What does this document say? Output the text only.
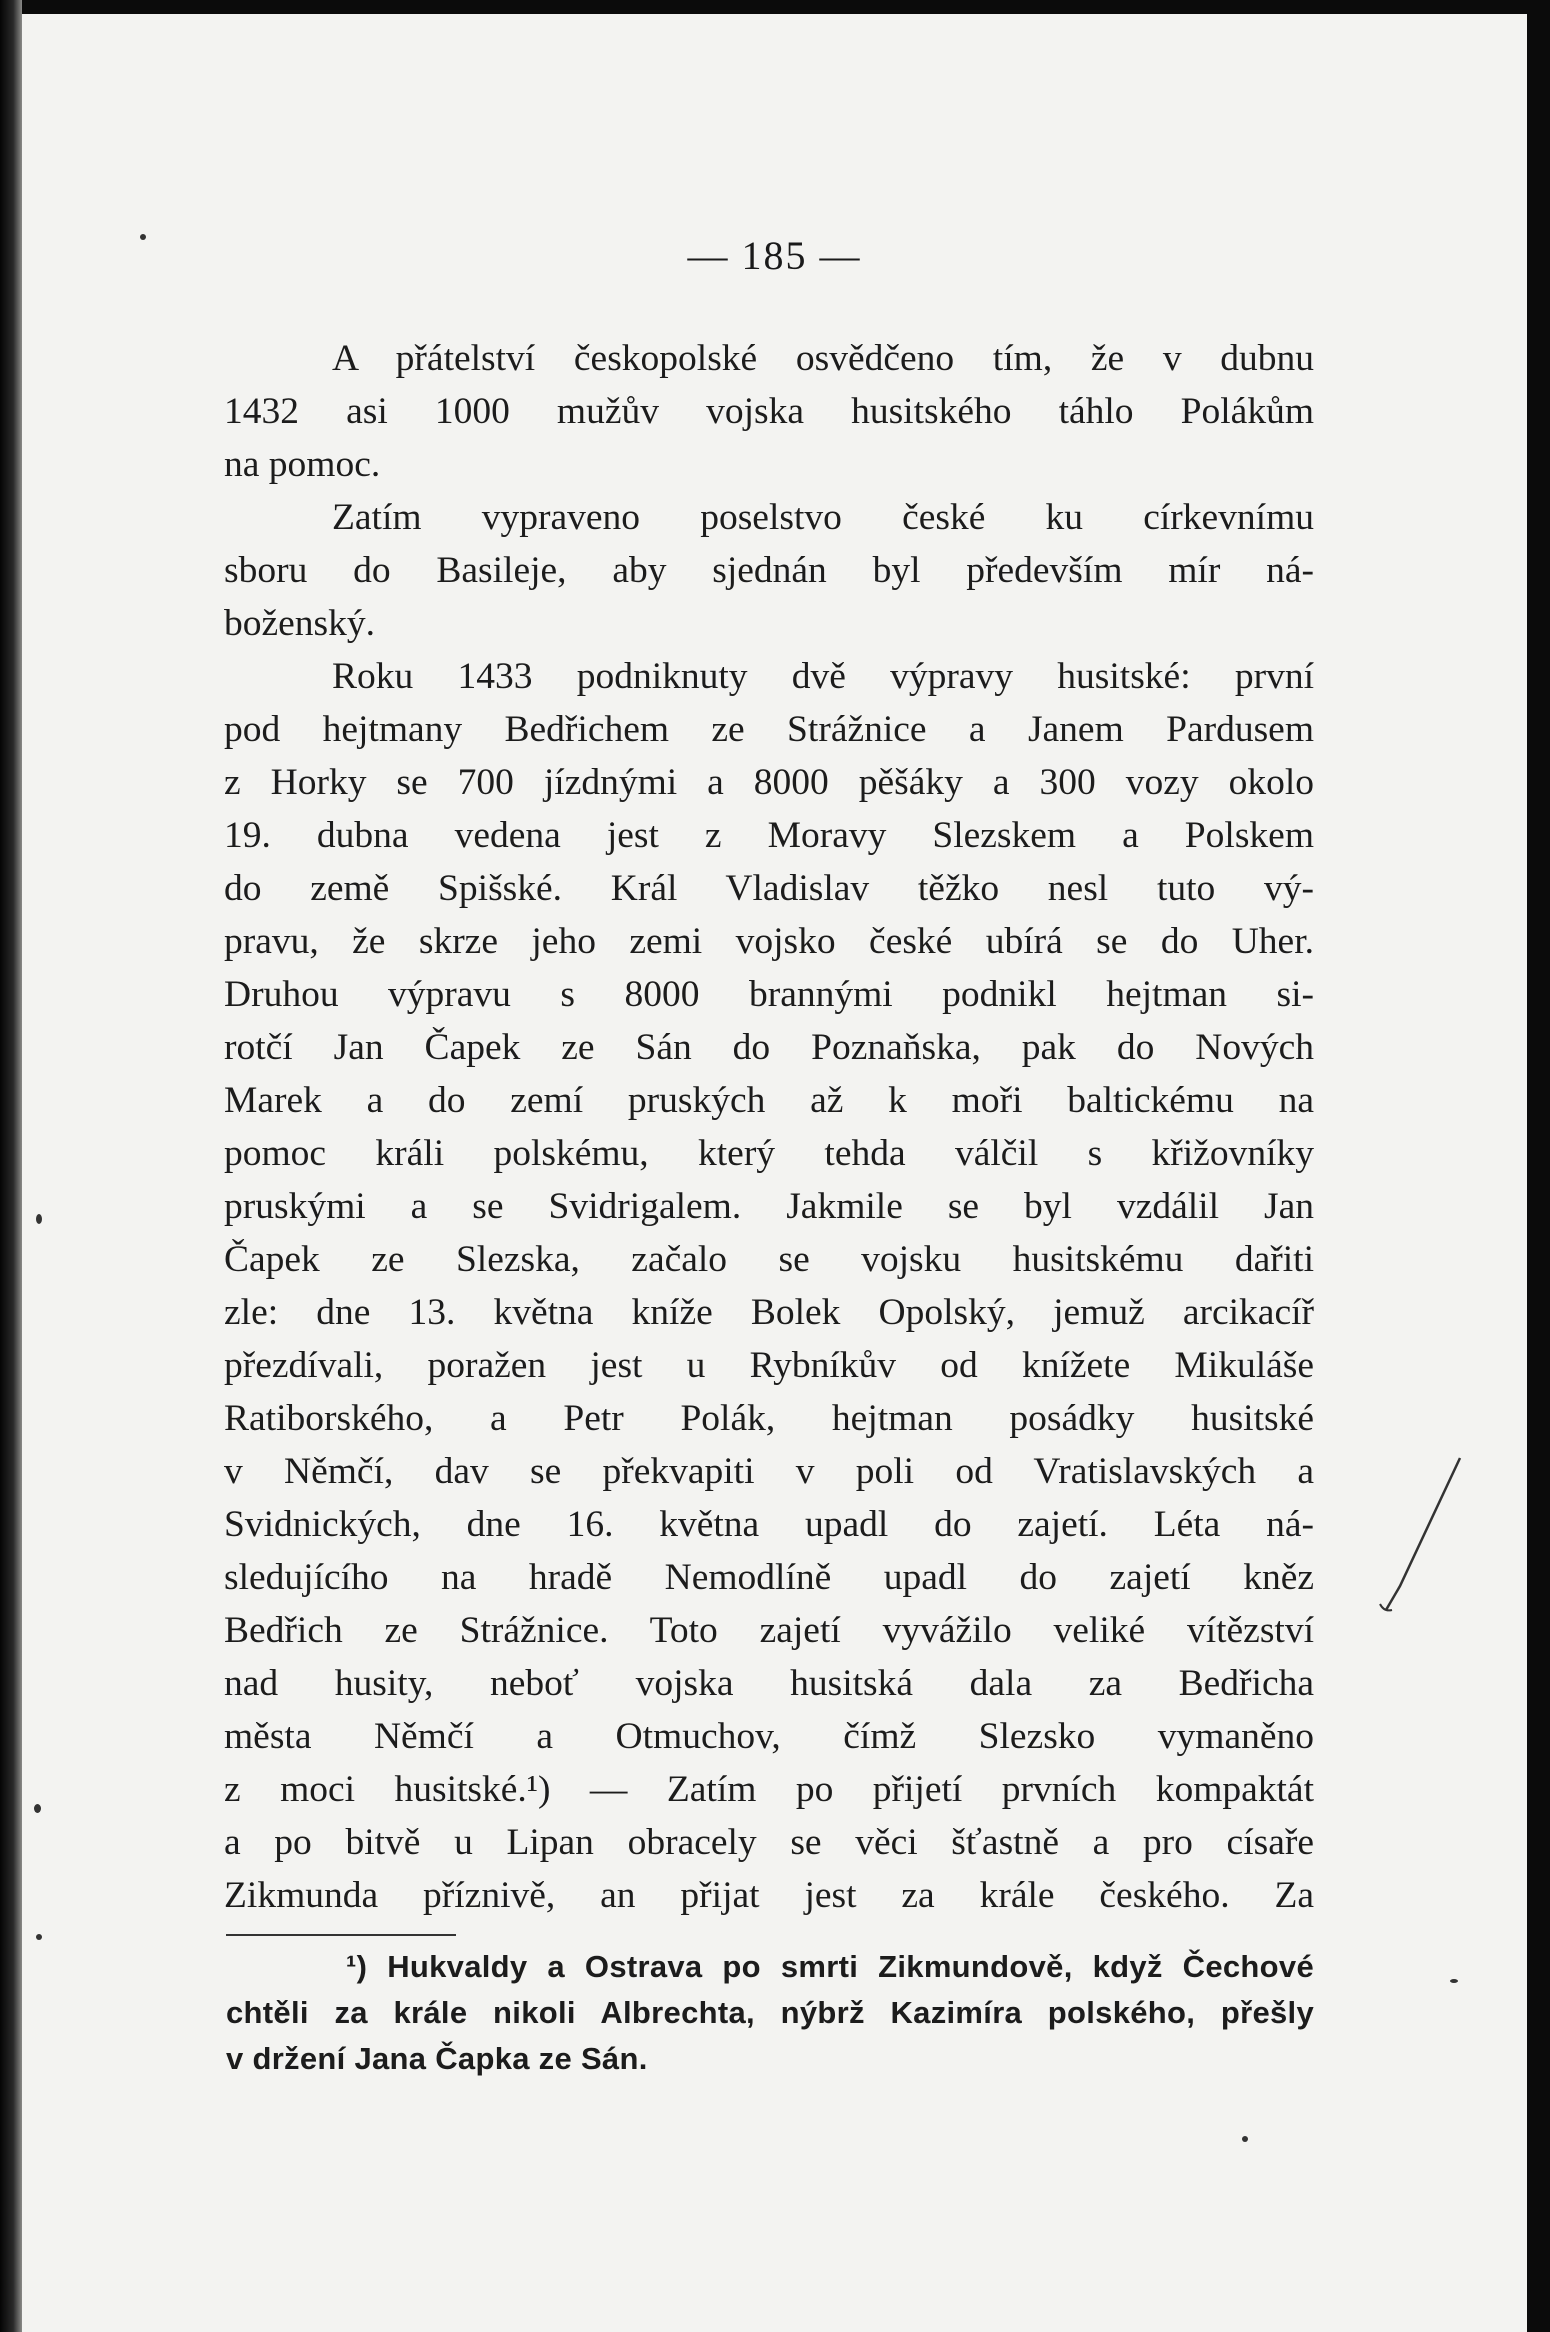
— 185 —
A přátelství českopolské osvědčeno tím, že v dubnu
1432 asi 1000 mužův vojska husitského táhlo Polákům
na pomoc.
Zatím vypraveno poselstvo české ku církevnímu
sboru do Basileje, aby sjednán byl především mír ná-
boženský.
Roku 1433 podniknuty dvě výpravy husitské: první
pod hejtmany Bedřichem ze Strážnice a Janem Pardusem
z Horky se 700 jízdnými a 8000 pěšáky a 300 vozy okolo
19. dubna vedena jest z Moravy Slezskem a Polskem
do země Spišské. Král Vladislav těžko nesl tuto vý-
pravu, že skrze jeho zemi vojsko české ubírá se do Uher.
Druhou výpravu s 8000 brannými podnikl hejtman si-
rotčí Jan Čapek ze Sán do Poznaňska, pak do Nových
Marek a do zemí pruských až k moři baltickému na
pomoc králi polskému, který tehda válčil s křižovníky
pruskými a se Svidrigalem. Jakmile se byl vzdálil Jan
Čapek ze Slezska, začalo se vojsku husitskému dařiti
zle: dne 13. května kníže Bolek Opolský, jemuž arcikacíř
přezdívali, poražen jest u Rybníkův od knížete Mikuláše
Ratiborského, a Petr Polák, hejtman posádky husitské
v Němčí, dav se překvapiti v poli od Vratislavských a
Svidnických, dne 16. května upadl do zajetí. Léta ná-
sledujícího na hradě Nemodlíně upadl do zajetí kněz
Bedřich ze Strážnice. Toto zajetí vyvážilo veliké vítězství
nad husity, neboť vojska husitská dala za Bedřicha
města Němčí a Otmuchov, čímž Slezsko vymaněno
z moci husitské.¹) — Zatím po přijetí prvních kompaktát
a po bitvě u Lipan obracely se věci šťastně a pro císaře
Zikmunda příznivě, an přijat jest za krále českého. Za
¹) Hukvaldy a Ostrava po smrti Zikmundově, když Čechové
chtěli za krále nikoli Albrechta, nýbrž Kazimíra polského, přešly
v držení Jana Čapka ze Sán.
